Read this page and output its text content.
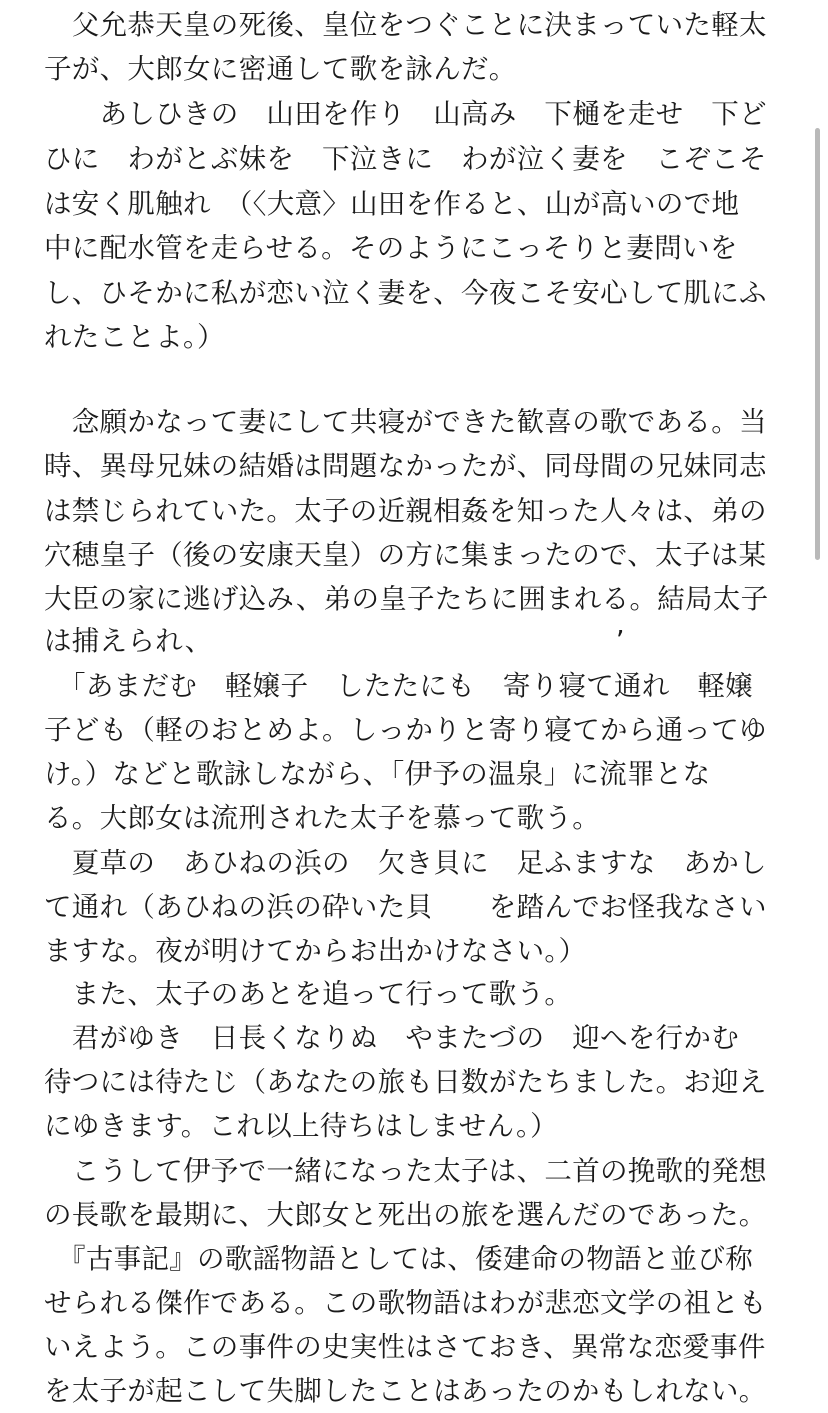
　父允恭天皇の死後、皇位をつぐことに決まっていた軽太
子が、大郎女に密通して歌を詠んだ。
　　あしひきの　山田を作り　山高み　下樋を走せ　下ど
ひに　わがとぶ妹を　下泣きに　わが泣く妻を　こぞこそ
は安く肌触れ　（〈大意〉山田を作ると、山が高いので地
中に配水管を走らせる。そのようにこっそりと妻問いを
し、ひそかに私が恋い泣く妻を、今夜こそ安心して肌にふ
れたことよ。）
　念願かなって妻にして共寝ができた歓喜の歌である。当
時、異母兄妹の結婚は問題なかったが、同母間の兄妹同志
は禁じられていた。太子の近親相姦を知った人々は、弟の
穴穂皇子（後の安康天皇）の方に集まったので、太子は某
大臣の家に逃げ込み、弟の皇子たちに囲まれる。結局太子
は捕えられ、　　　　　　　　　　　　　　　’
　「あまだむ　軽嬢子　したたにも　寄り寝て通れ　軽嬢
子ども（軽のおとめよ。しっかりと寄り寝てから通ってゆ
け。）などと歌詠しながら、「伊予の温泉」に流罪とな
る。大郎女は流刑された太子を慕って歌う。
　夏草の　あひねの浜の　欠き貝に　足ふますな　あかし
て通れ（あひねの浜の砕いた貝　　を踏んでお怪我なさい
ますな。夜が明けてからお出かけなさい。）
　また、太子のあとを追って行って歌う。
　君がゆき　日長くなりぬ　やまたづの　迎へを行かむ
待つには待たじ（あなたの旅も日数がたちました。お迎え
にゆきます。これ以上待ちはしません。）
　こうして伊予で一緒になった太子は、二首の挽歌的発想
の長歌を最期に、大郎女と死出の旅を選んだのであった。
　『古事記』の歌謡物語としては、倭建命の物語と並び称
せられる傑作である。この歌物語はわが悲恋文学の祖とも
いえよう。この事件の史実性はさておき、異常な恋愛事件
を太子が起こして失脚したことはあったのかもしれない。
